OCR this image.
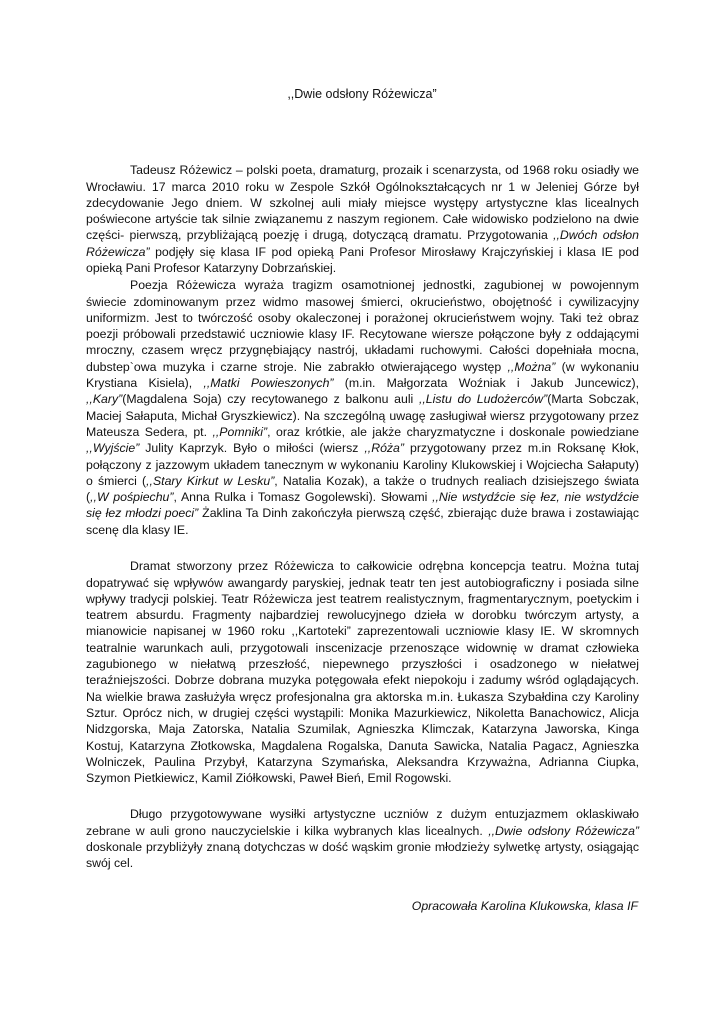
,,Dwie odsłony Różewicza”

Tadeusz Różewicz – polski poeta, dramaturg, prozaik i scenarzysta, od 1968 roku osiadły we Wrocławiu. 17 marca 2010 roku w Zespole Szkół Ogólnokształcących nr 1 w Jeleniej Górze był zdecydowanie Jego dniem. W szkolnej auli miały miejsce występy artystyczne klas licealnych poświecone artyście tak silnie związanemu z naszym regionem. Całe widowisko podzielono na dwie części- pierwszą, przybliżającą poezję i drugą, dotyczącą dramatu. Przygotowania ,,Dwóch odsłon Różewicza” podjęły się klasa IF pod opieką Pani Profesor Mirosławy Krajczyńskiej i klasa IE pod opieką Pani Profesor Katarzyny Dobrzańskiej.

Poezja Różewicza wyraża tragizm osamotnionej jednostki, zagubionej w powojennym świecie zdominowanym przez widmo masowej śmierci, okrucieństwo, obojętność i cywilizacyjny uniformizm. Jest to twórczość osoby okaleczonej i porażonej okrucieństwem wojny. Taki też obraz poezji próbowali przedstawić uczniowie klasy IF. Recytowane wiersze połączone były z oddającymi mroczny, czasem wręcz przygnębiający nastrój, układami ruchowymi. Całości dopełniała mocna, dubstep`owa muzyka i czarne stroje. Nie zabrakło otwierającego występ ,,Można” (w wykonaniu Krystiana Kisiela), ,,Matki Powieszonych” (m.in. Małgorzata Woźniak i Jakub Juncewicz), ,,Kary”(Magdalena Soja) czy recytowanego z balkonu auli ,,Listu do Ludożerców”(Marta Sobczak, Maciej Sałaputa, Michał Gryszkiewicz). Na szczególną uwagę zasługiwał wiersz przygotowany przez Mateusza Sedera, pt. ,,Pomniki”, oraz krótkie, ale jakże charyzmatyczne i doskonale powiedziane ,,Wyjście” Julity Kaprzyk. Było o miłości (wiersz ,,Róża” przygotowany przez m.in Roksanę Kłok, połączony z jazzowym układem tanecznym w wykonaniu Karoliny Klukowskiej i Wojciecha Sałaputy) o śmierci (,,Stary Kirkut w Lesku”, Natalia Kozak), a także o trudnych realiach dzisiejszego świata (,,W pośpiechu”, Anna Rulka i Tomasz Gogolewski). Słowami ,,Nie wstydźcie się łez, nie wstydźcie się łez młodzi poeci” Żaklina Ta Dinh zakończyła pierwszą część, zbierając duże brawa i zostawiając scenę dla klasy IE.

Dramat stworzony przez Różewicza to całkowicie odrębna koncepcja teatru. Można tutaj dopatrywać się wpływów awangardy paryskiej, jednak teatr ten jest autobiograficzny i posiada silne wpływy tradycji polskiej. Teatr Różewicza jest teatrem realistycznym, fragmentarycznym, poetyckim i teatrem absurdu. Fragmenty najbardziej rewolucyjnego dzieła w dorobku twórczym artysty, a mianowicie napisanej w 1960 roku ,,Kartoteki” zaprezentowali uczniowie klasy IE. W skromnych teatralnie warunkach auli, przygotowali inscenizacje przenoszące widownię w dramat człowieka zagubionego w niełatwą przeszłość, niepewnego przyszłości i osadzonego w niełatwej teraźniejszości. Dobrze dobrana muzyka potęgowała efekt niepokoju i zadumy wśród oglądających. Na wielkie brawa zasłużyła wręcz profesjonalna gra aktorska m.in. Łukasza Szybałdina czy Karoliny Sztur. Oprócz nich, w drugiej części wystąpili: Monika Mazurkiewicz, Nikoletta Banachowicz, Alicja Nidzgorska, Maja Zatorska, Natalia Szumilak, Agnieszka Klimczak, Katarzyna Jaworska, Kinga Kostuj, Katarzyna Złotkowska, Magdalena Rogalska, Danuta Sawicka, Natalia Pagacz, Agnieszka Wolniczek, Paulina Przybył, Katarzyna Szymańska, Aleksandra Krzyważna, Adrianna Ciupka, Szymon Pietkiewicz, Kamil Ziółkowski, Paweł Bień, Emil Rogowski.

Długo przygotowywane wysiłki artystyczne uczniów z dużym entuzjazmem oklaskiwało zebrane w auli grono nauczycielskie i kilka wybranych klas licealnych. ,,Dwie odsłony Różewicza” doskonale przybliżyły znaną dotychczas w dość wąskim gronie młodzieży sylwetkę artysty, osiągając swój cel.

Opracowała Karolina Klukowska, klasa IF
